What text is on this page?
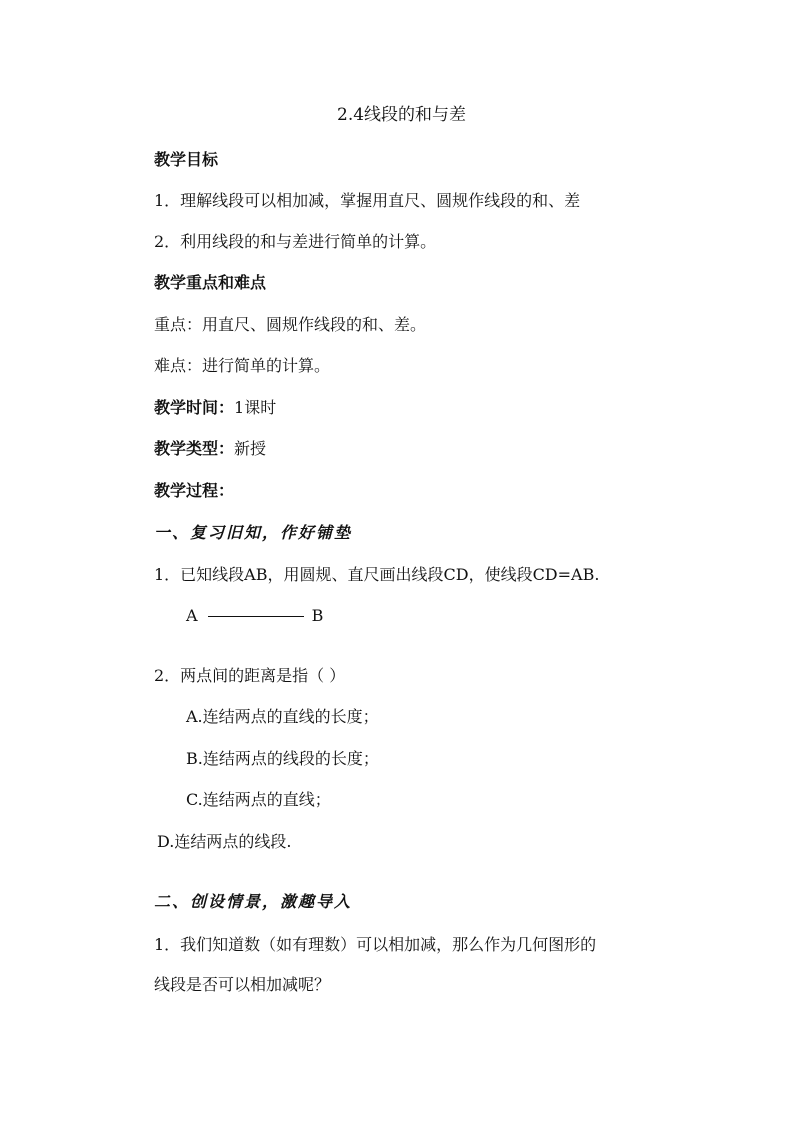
2.4线段的和与差
教学目标
1．理解线段可以相加减，掌握用直尺、圆规作线段的和、差
2．利用线段的和与差进行简单的计算。
教学重点和难点
重点：用直尺、圆规作线段的和、差。
难点：进行简单的计算。
教学时间：1课时
教学类型：新授
教学过程：
一、复习旧知，作好铺垫
1．已知线段AB，用圆规、直尺画出线段CD，使线段CD=AB.
A	B
2．两点间的距离是指（ ）
A.连结两点的直线的长度；
B.连结两点的线段的长度；
C.连结两点的直线；
D.连结两点的线段.
二、创设情景，激趣导入
1．我们知道数（如有理数）可以相加减，那么作为几何图形的
线段是否可以相加减呢？
